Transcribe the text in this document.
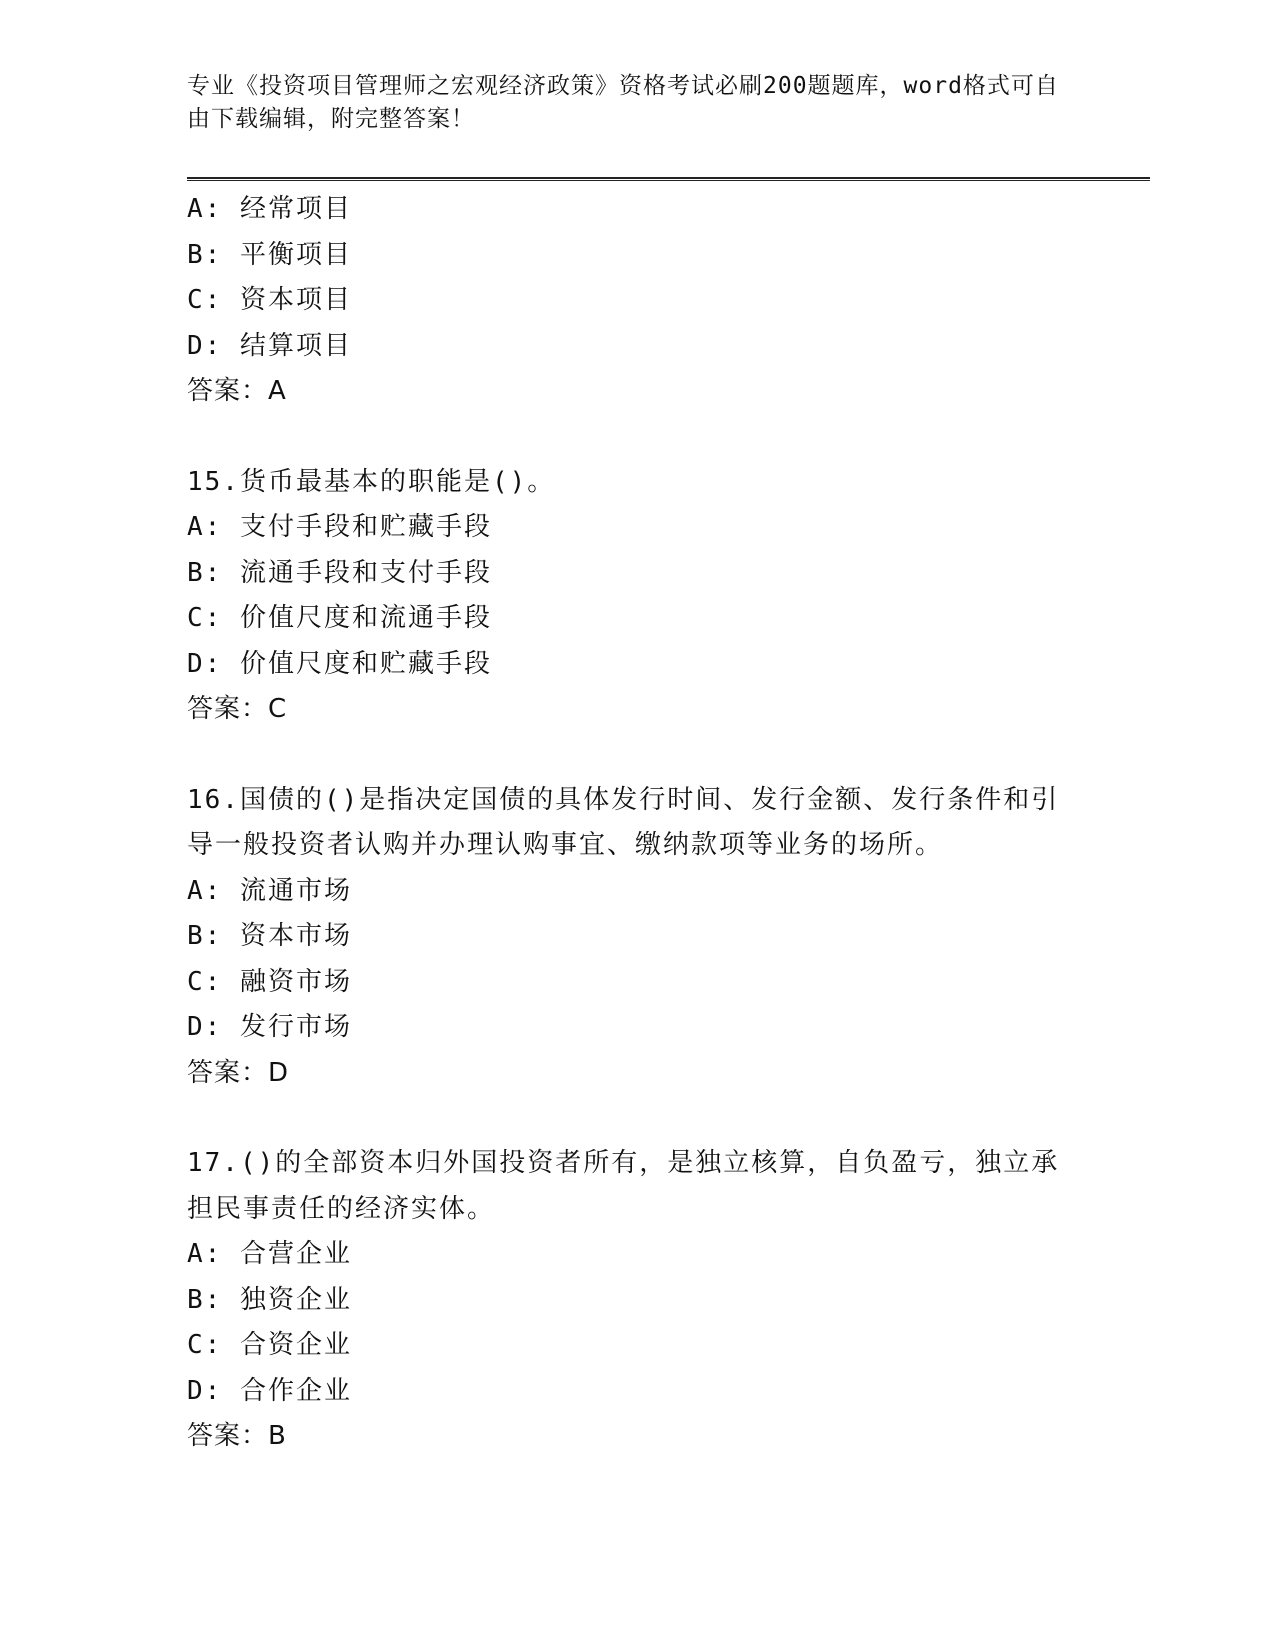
专业《投资项目管理师之宏观经济政策》资格考试必刷200题题库，word格式可自由下载编辑，附完整答案！

A: 经常项目

B: 平衡项目

C: 资本项目

D: 结算项目

答案：A

15.货币最基本的职能是()。

A: 支付手段和贮藏手段

B: 流通手段和支付手段

C: 价值尺度和流通手段

D: 价值尺度和贮藏手段

答案：C

16.国债的()是指决定国债的具体发行时间、发行金额、发行条件和引导一般投资者认购并办理认购事宜、缴纳款项等业务的场所。

A: 流通市场

B: 资本市场

C: 融资市场

D: 发行市场

答案：D

17.()的全部资本归外国投资者所有，是独立核算，自负盈亏，独立承担民事责任的经济实体。

A: 合营企业

B: 独资企业

C: 合资企业

D: 合作企业

答案：B
